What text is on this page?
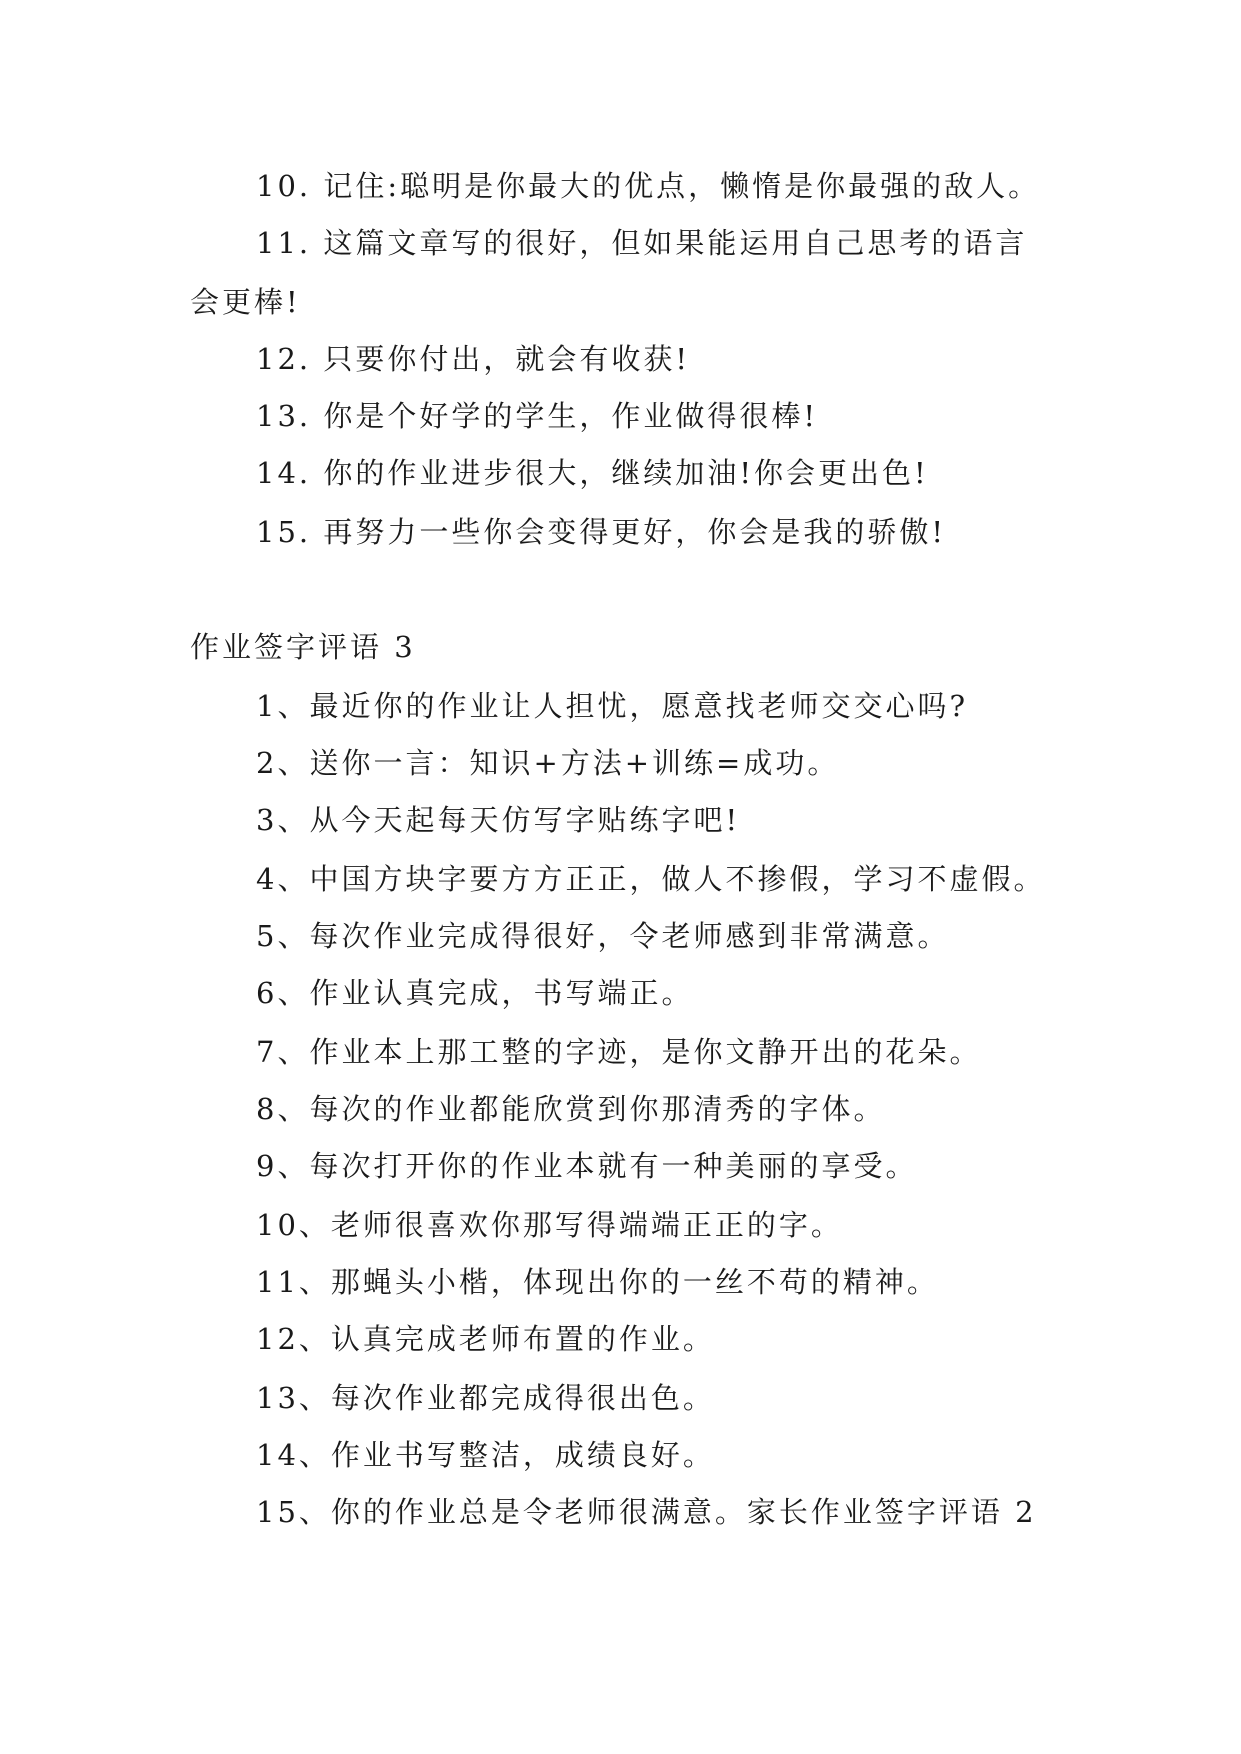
10. 记住:聪明是你最大的优点，懒惰是你最强的敌人。
11. 这篇文章写的很好，但如果能运用自己思考的语言
会更棒!
12. 只要你付出，就会有收获!
13. 你是个好学的学生，作业做得很棒!
14. 你的作业进步很大，继续加油!你会更出色!
15. 再努力一些你会变得更好，你会是我的骄傲!
作业签字评语 3
1、最近你的作业让人担忧，愿意找老师交交心吗?
2、送你一言：知识+方法+训练=成功。
3、从今天起每天仿写字贴练字吧!
4、中国方块字要方方正正，做人不掺假，学习不虚假。
5、每次作业完成得很好，令老师感到非常满意。
6、作业认真完成，书写端正。
7、作业本上那工整的字迹，是你文静开出的花朵。
8、每次的作业都能欣赏到你那清秀的字体。
9、每次打开你的作业本就有一种美丽的享受。
10、老师很喜欢你那写得端端正正的字。
11、那蝇头小楷，体现出你的一丝不苟的精神。
12、认真完成老师布置的作业。
13、每次作业都完成得很出色。
14、作业书写整洁，成绩良好。
15、你的作业总是令老师很满意。家长作业签字评语 2
